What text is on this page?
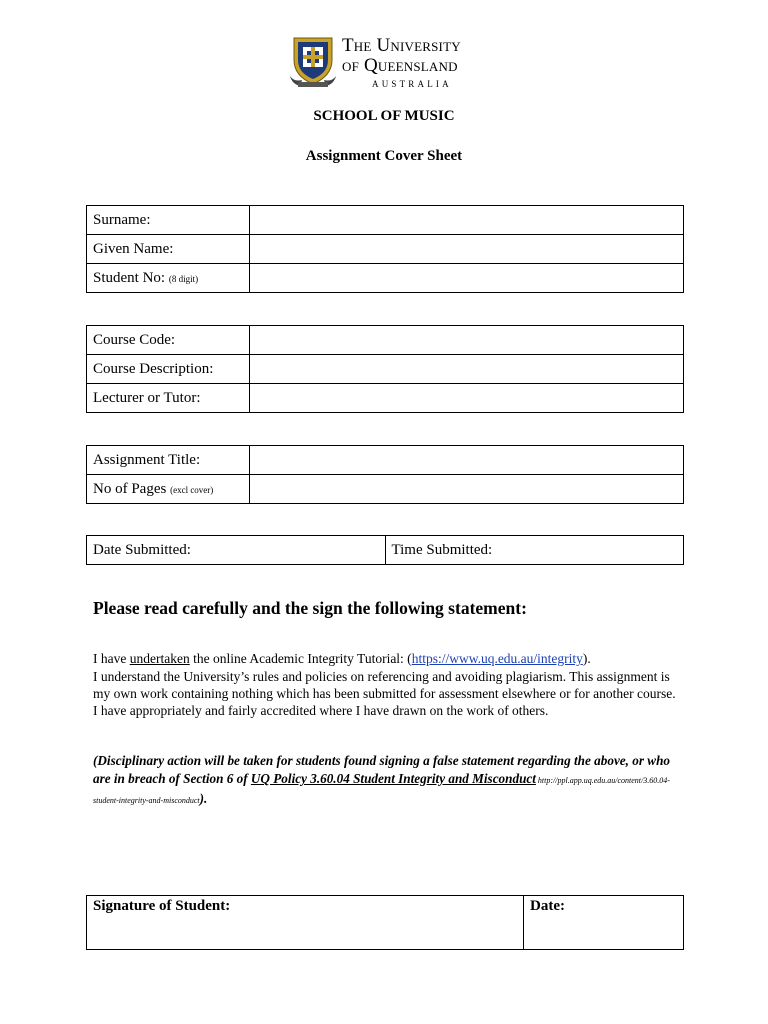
The University
of Queensland
AUSTRALIA
SCHOOL OF MUSIC
Assignment Cover Sheet
Surname:	
Given Name:	
Student No: (8 digit)	
Course Code:	
Course Description:	
Lecturer or Tutor:	
Assignment Title:	
No of Pages (excl cover)	
Date Submitted:	Time Submitted:
Please read carefully and the sign the following statement:
I have undertaken the online Academic Integrity Tutorial: (https://www.uq.edu.au/integrity).
I understand the University’s rules and policies on referencing and avoiding plagiarism. This assignment is my own work containing nothing which has been submitted for assessment elsewhere or for another course. I have appropriately and fairly accredited where I have drawn on the work of others.
(Disciplinary action will be taken for students found signing a false statement regarding the above, or who are in breach of Section 6 of UQ Policy 3.60.04 Student Integrity and Misconduct http://ppl.app.uq.edu.au/content/3.60.04-student-integrity-and-misconduct).
Signature of Student:	Date:
